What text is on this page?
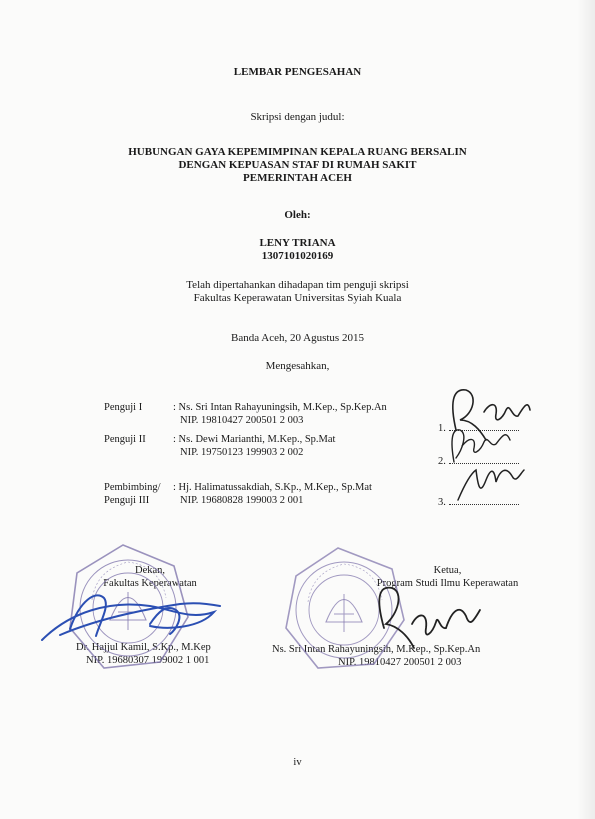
LEMBAR PENGESAHAN
Skripsi dengan judul:
HUBUNGAN GAYA KEPEMIMPINAN KEPALA RUANG BERSALIN
DENGAN KEPUASAN STAF DI RUMAH SAKIT
PEMERINTAH ACEH
Oleh:
LENY TRIANA
1307101020169
Telah dipertahankan dihadapan tim penguji skripsi
Fakultas Keperawatan Universitas Syiah Kuala
Banda Aceh, 20 Agustus 2015
Mengesahkan,
Penguji I	: Ns. Sri Intan Rahayuningsih, M.Kep., Sp.Kep.An
NIP. 19810427 200501 2 003
1.
Penguji II	: Ns. Dewi Marianthi, M.Kep., Sp.Mat
NIP. 19750123 199903 2 002
2.
Pembimbing/
Penguji III
: Hj. Halimatussakdiah, S.Kp., M.Kep., Sp.Mat
NIP. 19680828 199003 2 001	3.
Dekan,
Fakultas Keperawatan
Dr. Hajjul Kamil, S.Kp., M.Kep
NIP. 19680307 199002 1 001
Ketua,
Program Studi Ilmu Keperawatan
Ns. Sri Intan Rahayuningsih, M.Kep., Sp.Kep.An
NIP. 19810427 200501 2 003
iv
